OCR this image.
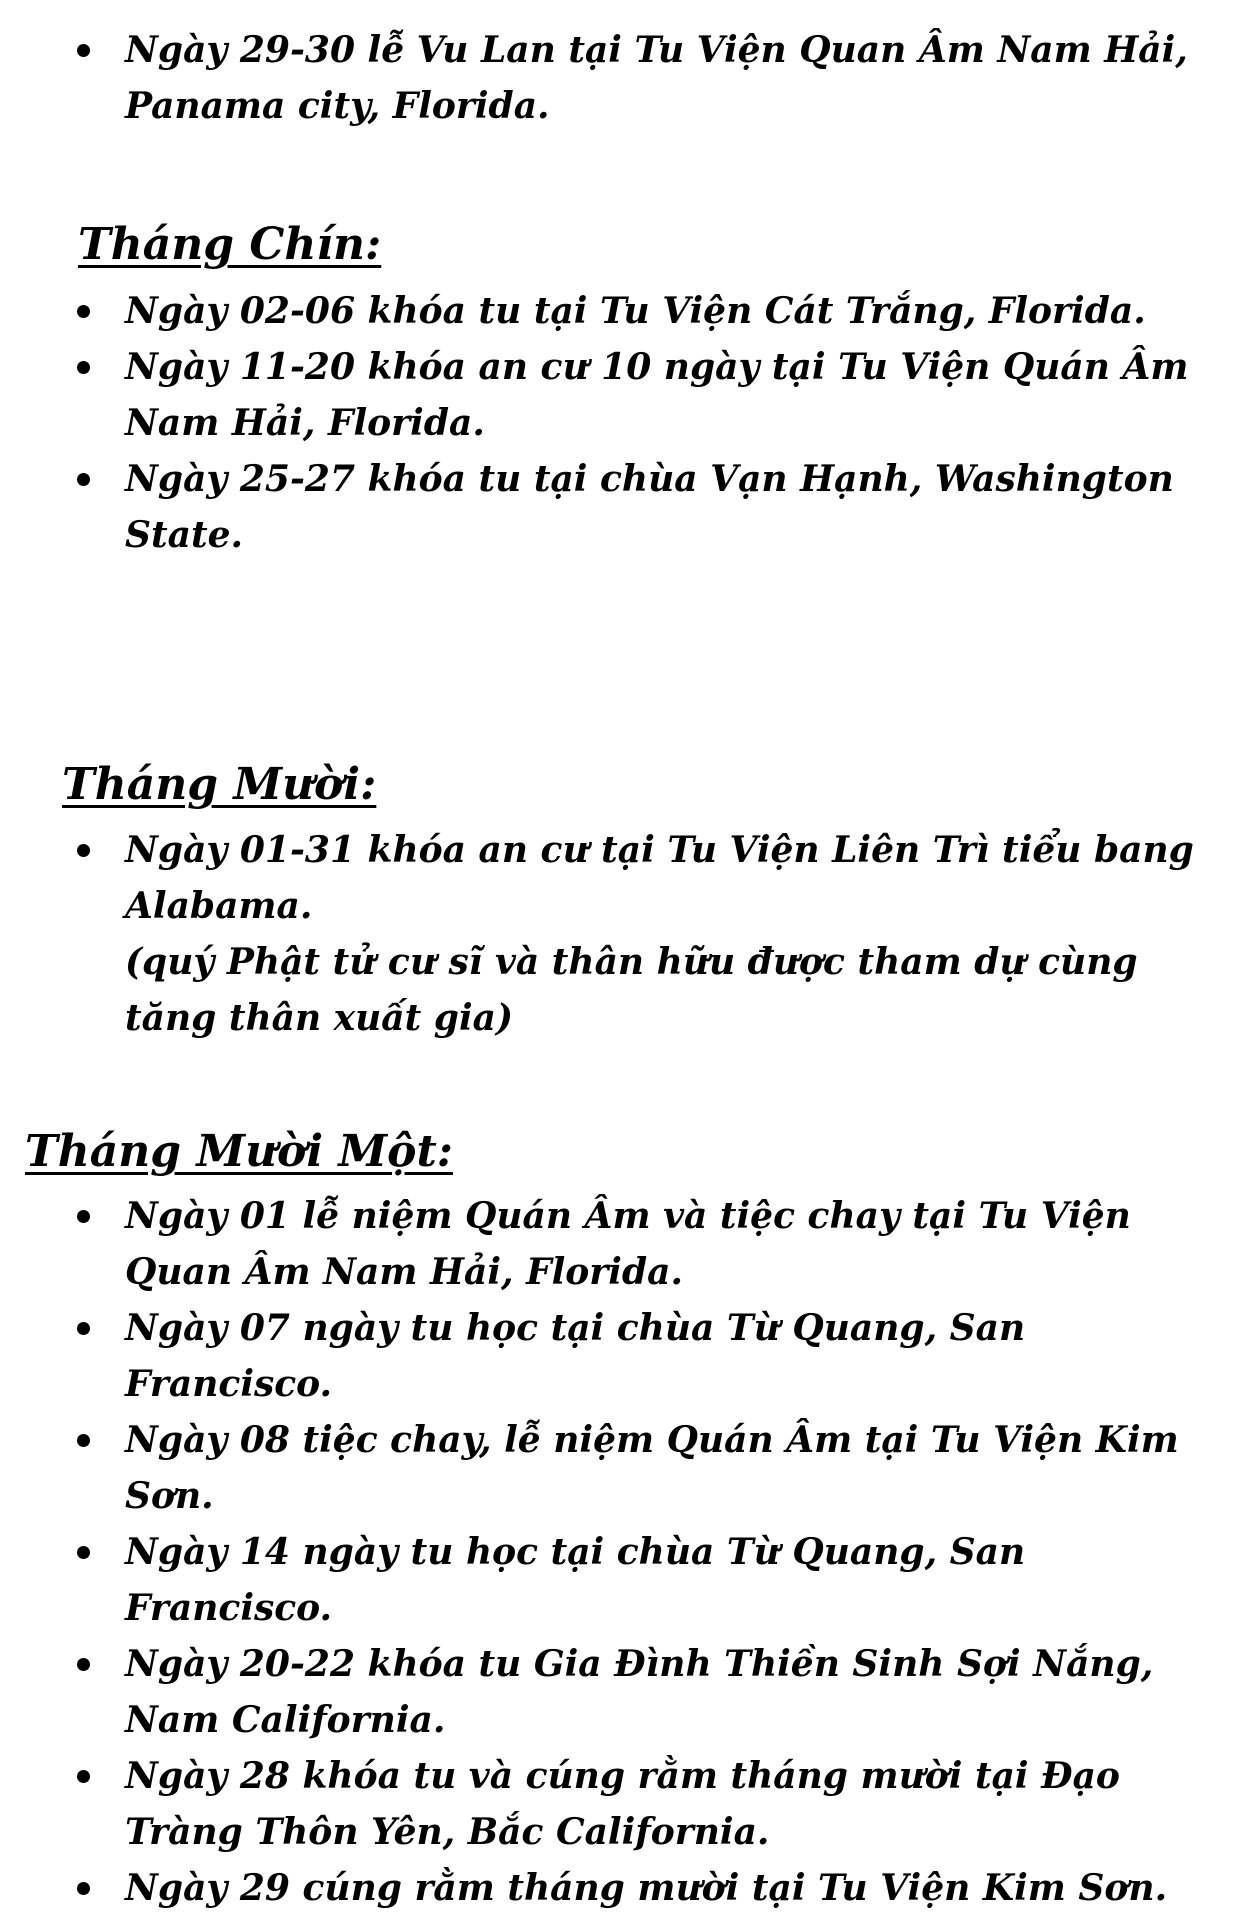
Ngày 29-30 lễ Vu Lan tại Tu Viện Quan Âm Nam Hải, Panama city, Florida.
Tháng Chín:
Ngày 02-06 khóa tu tại Tu Viện Cát Trắng, Florida.
Ngày 11-20 khóa an cư 10 ngày tại Tu Viện Quán Âm Nam Hải, Florida.
Ngày 25-27 khóa tu tại chùa Vạn Hạnh, Washington State.
Tháng Mười:
Ngày 01-31 khóa an cư tại Tu Viện Liên Trì tiểu bang Alabama.
(quý Phật tử cư sĩ và thân hữu được tham dự cùng tăng thân xuất gia)
Tháng Mười Một:
Ngày 01 lễ niệm Quán Âm và tiệc chay tại Tu Viện Quan Âm Nam Hải, Florida.
Ngày 07 ngày tu học tại chùa Từ Quang, San Francisco.
Ngày 08 tiệc chay, lễ niệm Quán Âm tại Tu Viện Kim Sơn.
Ngày 14 ngày tu học tại chùa Từ Quang, San Francisco.
Ngày 20-22 khóa tu Gia Đình Thiền Sinh Sợi Nắng, Nam California.
Ngày 28 khóa tu và cúng rằm tháng mười tại Đạo Tràng Thôn Yên, Bắc California.
Ngày 29 cúng rằm tháng mười tại Tu Viện Kim Sơn.
